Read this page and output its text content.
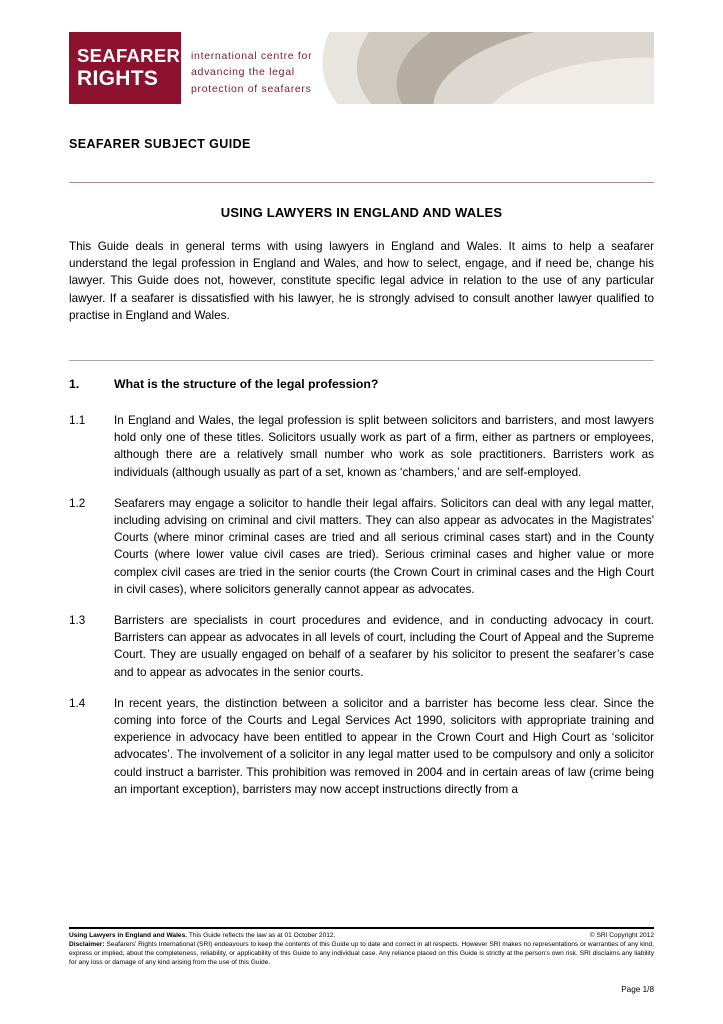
SEAFARERS'
RIGHTS
international centre for
advancing the legal
protection of seafarers
SEAFARER SUBJECT GUIDE
USING LAWYERS IN ENGLAND AND WALES
This Guide deals in general terms with using lawyers in England and Wales. It aims to help a seafarer understand the legal profession in England and Wales, and how to select, engage, and if need be, change his lawyer. This Guide does not, however, constitute specific legal advice in relation to the use of any particular lawyer. If a seafarer is dissatisfied with his lawyer, he is strongly advised to consult another lawyer qualified to practise in England and Wales.
1.	What is the structure of the legal profession?
1.1	In England and Wales, the legal profession is split between solicitors and barristers, and most lawyers hold only one of these titles. Solicitors usually work as part of a firm, either as partners or employees, although there are a relatively small number who work as sole practitioners. Barristers work as individuals (although usually as part of a set, known as ‘chambers,’ and are self-employed.
1.2	Seafarers may engage a solicitor to handle their legal affairs. Solicitors can deal with any legal matter, including advising on criminal and civil matters. They can also appear as advocates in the Magistrates' Courts (where minor criminal cases are tried and all serious criminal cases start) and in the County Courts (where lower value civil cases are tried). Serious criminal cases and higher value or more complex civil cases are tried in the senior courts (the Crown Court in criminal cases and the High Court in civil cases), where solicitors generally cannot appear as advocates.
1.3	Barristers are specialists in court procedures and evidence, and in conducting advocacy in court. Barristers can appear as advocates in all levels of court, including the Court of Appeal and the Supreme Court. They are usually engaged on behalf of a seafarer by his solicitor to present the seafarer’s case and to appear as advocates in the senior courts.
1.4	In recent years, the distinction between a solicitor and a barrister has become less clear. Since the coming into force of the Courts and Legal Services Act 1990, solicitors with appropriate training and experience in advocacy have been entitled to appear in the Crown Court and High Court as ‘solicitor advocates’. The involvement of a solicitor in any legal matter used to be compulsory and only a solicitor could instruct a barrister. This prohibition was removed in 2004 and in certain areas of law (crime being an important exception), barristers may now accept instructions directly from a
Using Lawyers in England and Wales. This Guide reflects the law as at 01 October 2012.	© SRI Copyright 2012
Disclaimer: Seafarers' Rights International (SRI) endeavours to keep the contents of this Guide up to date and correct in all respects. However SRI makes no representations or warranties of any kind, express or implied, about the completeness, reliability, or applicability of this Guide to any individual case. Any reliance placed on this Guide is strictly at the person's own risk. SRI disclaims any liability for any loss or damage of any kind arising from the use of this Guide.
Page 1/8
